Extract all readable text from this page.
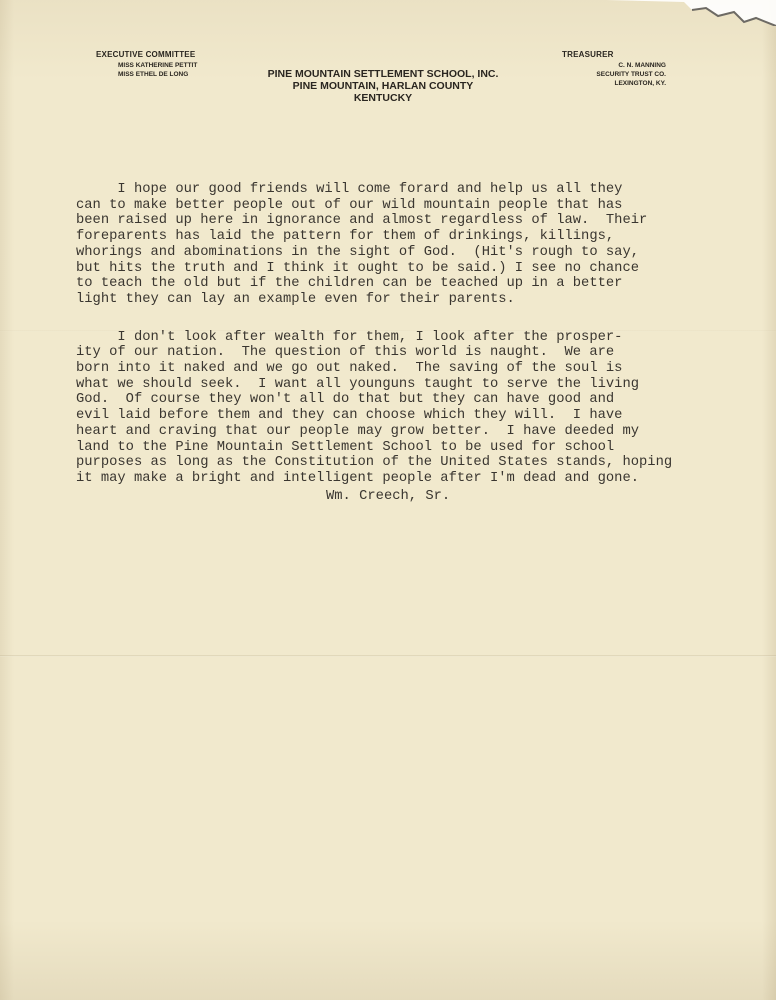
EXECUTIVE COMMITTEE
MISS KATHERINE PETTIT
MISS ETHEL DE LONG	PINE MOUNTAIN SETTLEMENT SCHOOL, INC.
PINE MOUNTAIN, HARLAN COUNTY
KENTUCKY
TREASURER
C. N. MANNING
SECURITY TRUST CO.
LEXINGTON, KY.
I hope our good friends will come forard and help us all they
can to make better people out of our wild mountain people that has
been raised up here in ignorance and almost regardless of law.  Their
foreparents has laid the pattern for them of drinkings, killings,
whorings and abominations in the sight of God.  (Hit's rough to say,
but hits the truth and I think it ought to be said.) I see no chance
to teach the old but if the children can be teached up in a better
light they can lay an example even for their parents.
I don't look after wealth for them, I look after the prosper-
ity of our nation.  The question of this world is naught.  We are
born into it naked and we go out naked.  The saving of the soul is
what we should seek.  I want all younguns taught to serve the living
God.  Of course they won't all do that but they can have good and
evil laid before them and they can choose which they will.  I have
heart and craving that our people may grow better.  I have deeded my
land to the Pine Mountain Settlement School to be used for school
purposes as long as the Constitution of the United States stands, hoping
it may make a bright and intelligent people after I'm dead and gone.
Wm. Creech, Sr.
